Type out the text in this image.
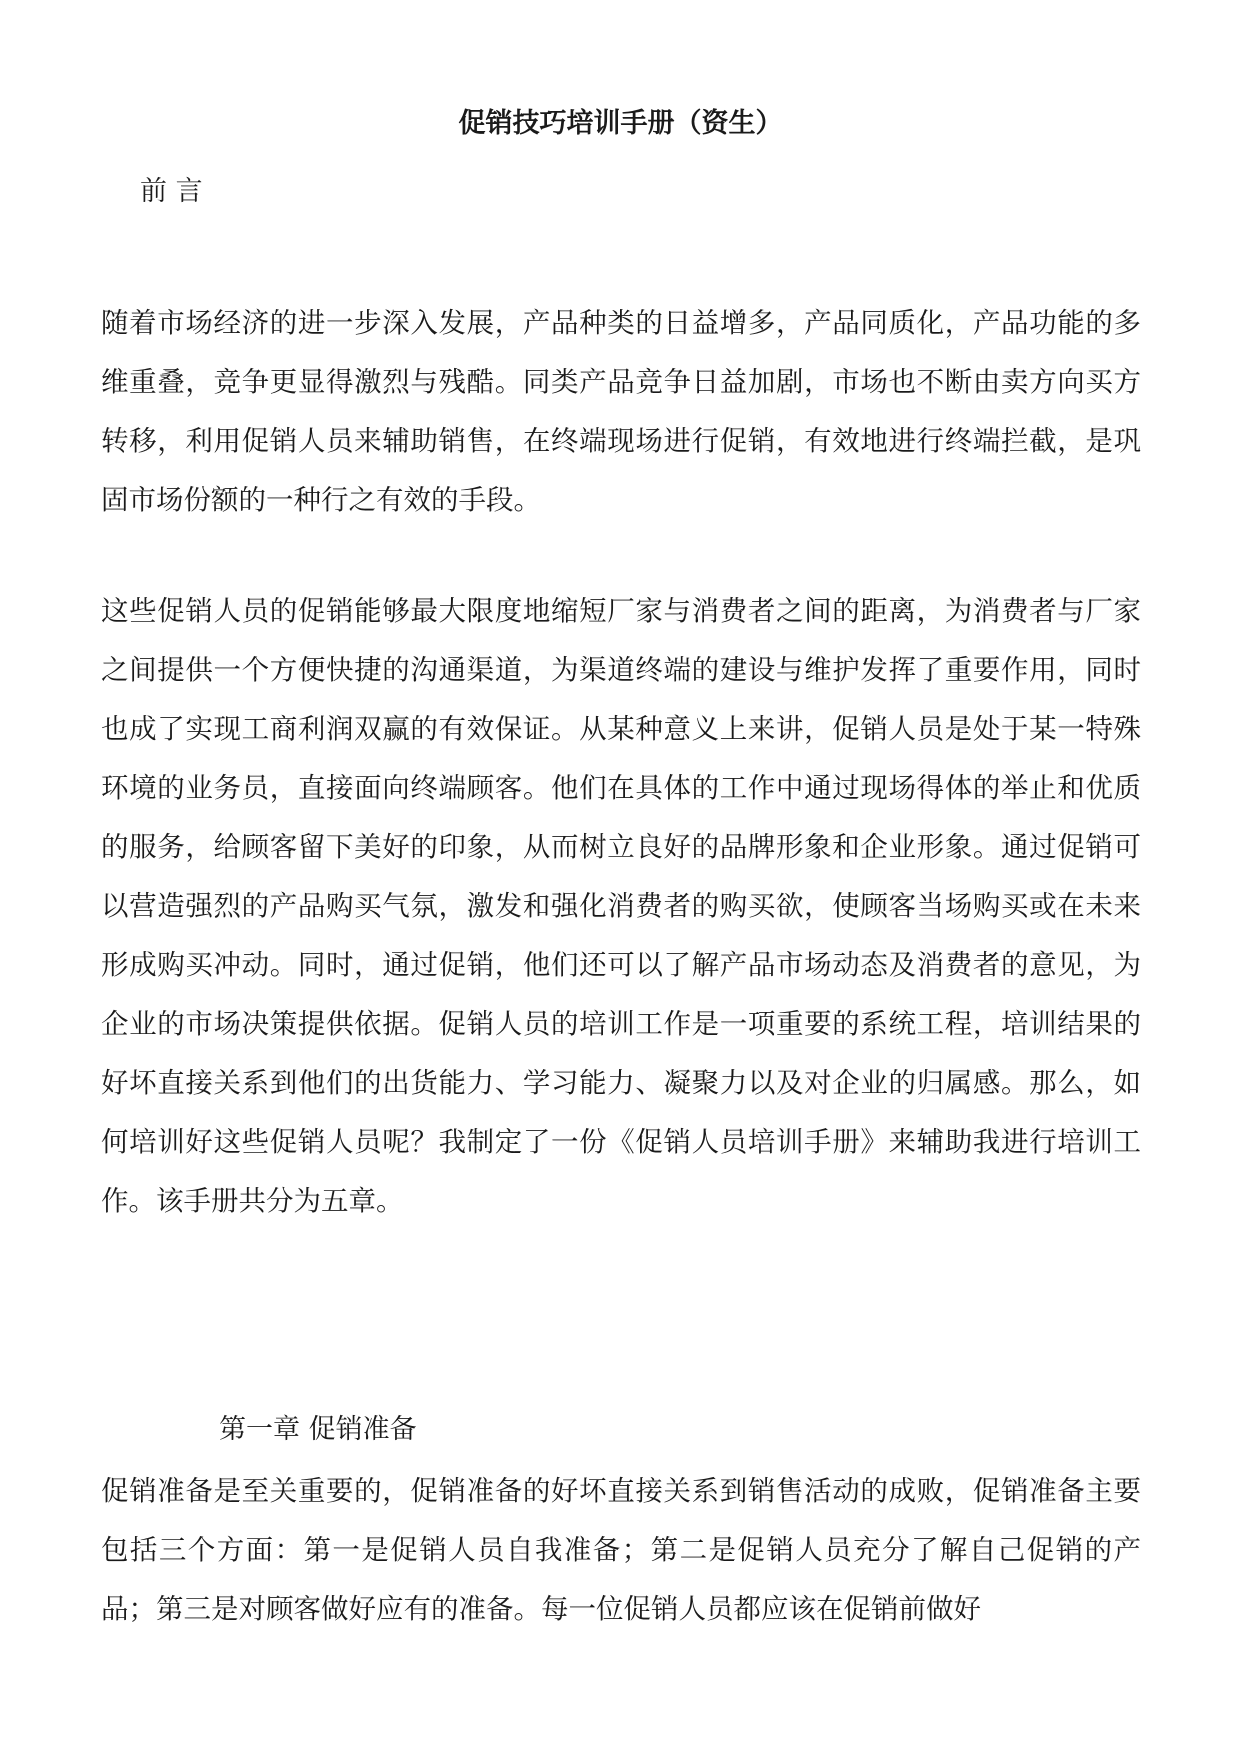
促销技巧培训手册（资生）
前 言

随着市场经济的进一步深入发展，产品种类的日益增多，产品同质化，产品功能的多维重叠，竞争更显得激烈与残酷。同类产品竞争日益加剧，市场也不断由卖方向买方转移，利用促销人员来辅助销售，在终端现场进行促销，有效地进行终端拦截，是巩固市场份额的一种行之有效的手段。

这些促销人员的促销能够最大限度地缩短厂家与消费者之间的距离，为消费者与厂家之间提供一个方便快捷的沟通渠道，为渠道终端的建设与维护发挥了重要作用，同时也成了实现工商利润双赢的有效保证。从某种意义上来讲，促销人员是处于某一特殊环境的业务员，直接面向终端顾客。他们在具体的工作中通过现场得体的举止和优质的服务，给顾客留下美好的印象，从而树立良好的品牌形象和企业形象。通过促销可以营造强烈的产品购买气氛，激发和强化消费者的购买欲，使顾客当场购买或在未来形成购买冲动。同时，通过促销，他们还可以了解产品市场动态及消费者的意见，为企业的市场决策提供依据。促销人员的培训工作是一项重要的系统工程，培训结果的好坏直接关系到他们的出货能力、学习能力、凝聚力以及对企业的归属感。那么，如何培训好这些促销人员呢？我制定了一份《促销人员培训手册》来辅助我进行培训工作。该手册共分为五章。

第一章 促销准备

促销准备是至关重要的，促销准备的好坏直接关系到销售活动的成败，促销准备主要包括三个方面：第一是促销人员自我准备；第二是促销人员充分了解自己促销的产品；第三是对顾客做好应有的准备。每一位促销人员都应该在促销前做好
